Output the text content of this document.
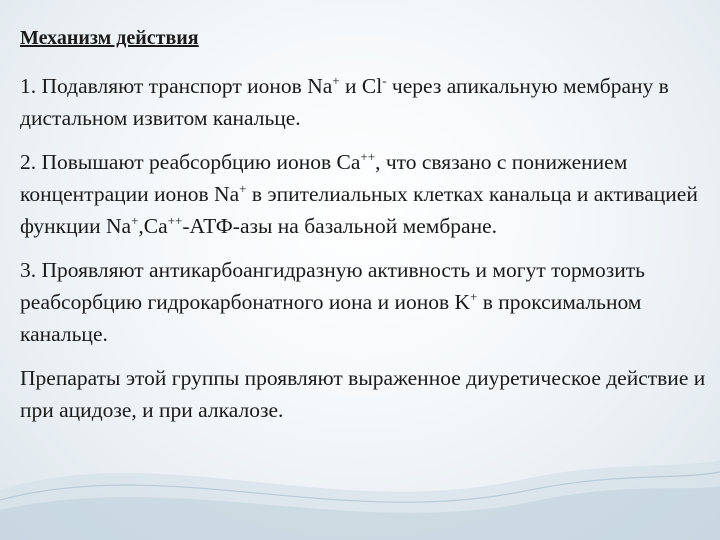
Механизм действия

1. Подавляют транспорт ионов Na+ и Cl- через апикальную мембрану в дистальном извитом канальце.

2. Повышают реабсорбцию ионов Ca++, что связано с понижением концентрации ионов Na+ в эпителиальных клетках канальца и активацией функции Na+,Ca++-АТФ-азы на базальной мембране.

3. Проявляют антикарбоангидразную активность и могут тормозить реабсорбцию гидрокарбонатного иона и ионов K+ в проксимальном канальце.

Препараты этой группы проявляют выраженное диуретическое действие и при ацидозе, и при алкалозе.
